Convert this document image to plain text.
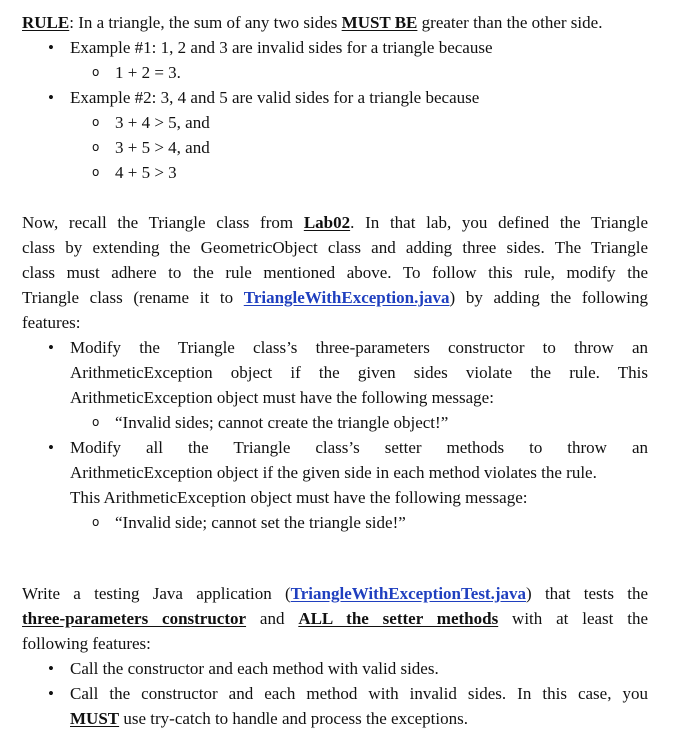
RULE: In a triangle, the sum of any two sides MUST BE greater than the other side.
• Example #1: 1, 2 and 3 are invalid sides for a triangle because
o 1 + 2 = 3.
• Example #2: 3, 4 and 5 are valid sides for a triangle because
o 3 + 4 > 5, and
o 3 + 5 > 4, and
o 4 + 5 > 3
Now, recall the Triangle class from Lab02. In that lab, you defined the Triangle
class by extending the GeometricObject class and adding three sides. The Triangle
class must adhere to the rule mentioned above. To follow this rule, modify the
Triangle class (rename it to TriangleWithException.java) by adding the following
features:
• Modify the Triangle class’s three-parameters constructor to throw an
ArithmeticException object if the given sides violate the rule. This
ArithmeticException object must have the following message:
o “Invalid sides; cannot create the triangle object!”
• Modify all the Triangle class’s setter methods to throw an
ArithmeticException object if the given side in each method violates the rule.
This ArithmeticException object must have the following message:
o “Invalid side; cannot set the triangle side!”
Write a testing Java application (TriangleWithExceptionTest.java) that tests the
three-parameters constructor and ALL the setter methods with at least the
following features:
• Call the constructor and each method with valid sides.
• Call the constructor and each method with invalid sides. In this case, you
MUST use try-catch to handle and process the exceptions.
